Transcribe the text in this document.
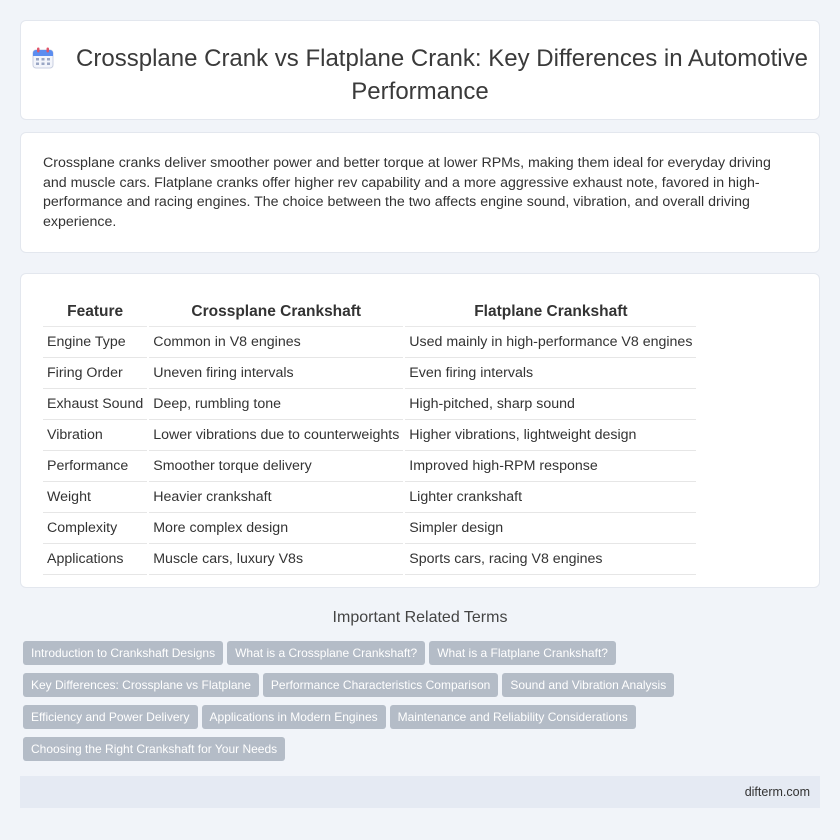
Crossplane Crank vs Flatplane Crank: Key Differences in Automotive Performance

Crossplane cranks deliver smoother power and better torque at lower RPMs, making them ideal for everyday driving and muscle cars. Flatplane cranks offer higher rev capability and a more aggressive exhaust note, favored in high-performance and racing engines. The choice between the two affects engine sound, vibration, and overall driving experience.

Feature	Crossplane Crankshaft	Flatplane Crankshaft
Engine Type	Common in V8 engines	Used mainly in high-performance V8 engines
Firing Order	Uneven firing intervals	Even firing intervals
Exhaust Sound	Deep, rumbling tone	High-pitched, sharp sound
Vibration	Lower vibrations due to counterweights	Higher vibrations, lightweight design
Performance	Smoother torque delivery	Improved high-RPM response
Weight	Heavier crankshaft	Lighter crankshaft
Complexity	More complex design	Simpler design
Applications	Muscle cars, luxury V8s	Sports cars, racing V8 engines
Important Related Terms
Introduction to Crankshaft Designs What is a Crossplane Crankshaft? What is a Flatplane Crankshaft?
Key Differences: Crossplane vs Flatplane Performance Characteristics Comparison Sound and Vibration Analysis
Efficiency and Power Delivery Applications in Modern Engines Maintenance and Reliability Considerations
Choosing the Right Crankshaft for Your Needs
difterm.com
